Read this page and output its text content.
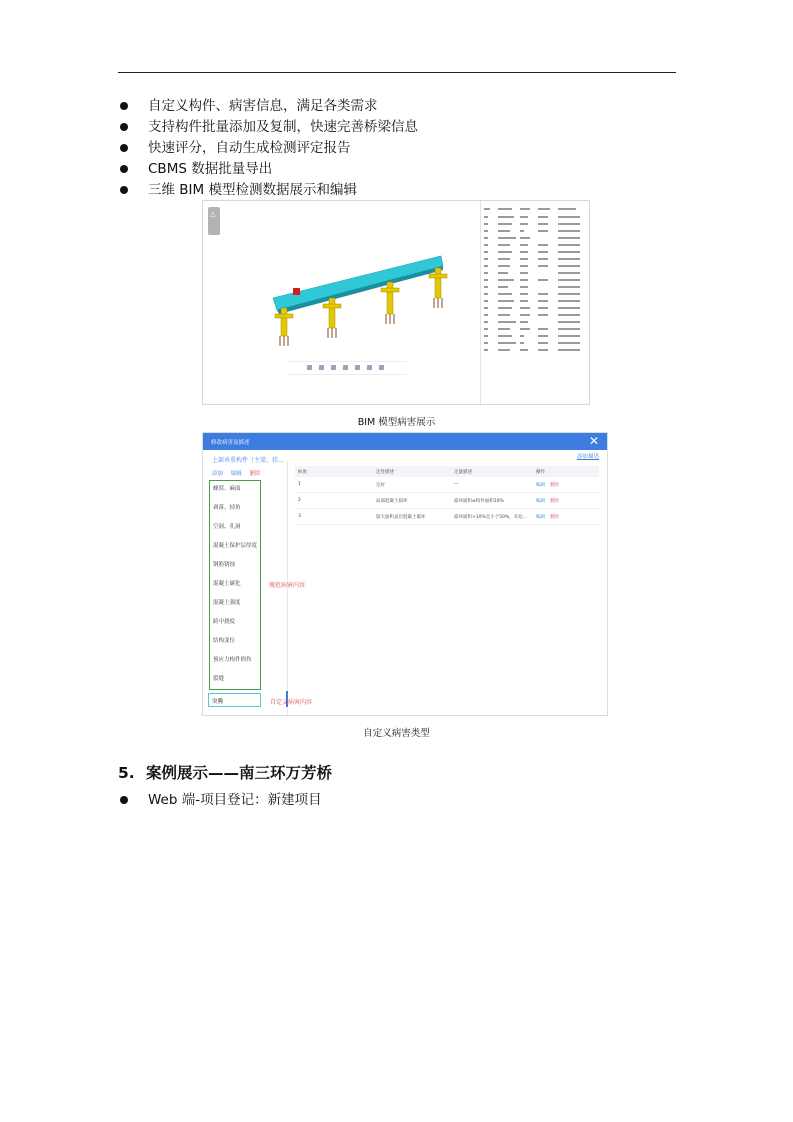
自定义构件、病害信息，满足各类需求
支持构件批量添加及复制，快速完善桥梁信息
快速评分，自动生成检测评定报告
CBMS 数据批量导出
三维 BIM 模型检测数据展示和编辑
△
BIM 模型病害展示
修改病害及描述	✕
上部承重构件（主梁、挂...	添加描述
添加 编辑 删除
蜂窝、麻面
剥落、掉角
空洞、孔洞
混凝土保护层厚度
钢筋锈蚀
混凝土碳化
混凝土强度
跨中挠度
结构变位
预应力构件损伤
裂缝
规范病害内容
突腾	自定义病害内容
标度	定性描述	定量描述	操作
1	完好	—	编辑 删除
2	局部混凝土损坏	损坏面积≤构件面积10%	编辑 删除
3	较大面积表层混凝土破坏	损坏面积>10%且小于50%，未危...	编辑 删除
自定义病害类型
5. 案例展示——南三环万芳桥
Web 端-项目登记：新建项目
